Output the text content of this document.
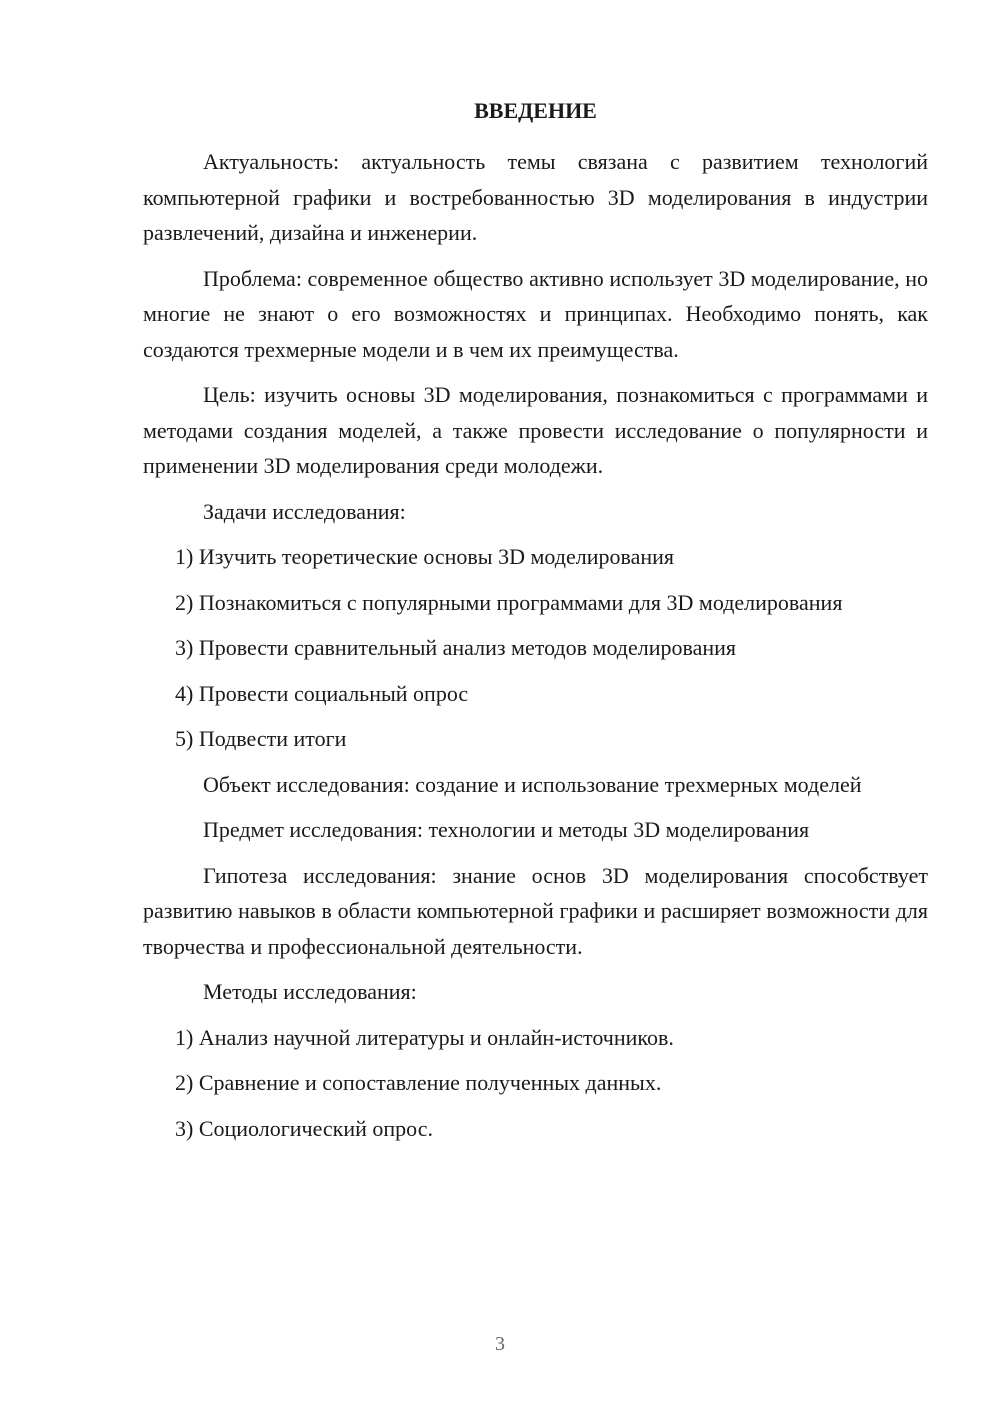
ВВЕДЕНИЕ

Актуальность: актуальность темы связана с развитием технологий компьютерной графики и востребованностью 3D моделирования в индустрии развлечений, дизайна и инженерии.

Проблема: современное общество активно использует 3D моделирование, но многие не знают о его возможностях и принципах. Необходимо понять, как создаются трехмерные модели и в чем их преимущества.

Цель: изучить основы 3D моделирования, познакомиться с программами и методами создания моделей, а также провести исследование о популярности и применении 3D моделирования среди молодежи.

Задачи исследования:

1) Изучить теоретические основы 3D моделирования

2) Познакомиться с популярными программами для 3D моделирования

3) Провести сравнительный анализ методов моделирования

4) Провести социальный опрос

5) Подвести итоги

Объект исследования: создание и использование трехмерных моделей

Предмет исследования: технологии и методы 3D моделирования

Гипотеза исследования: знание основ 3D моделирования способствует развитию навыков в области компьютерной графики и расширяет возможности для творчества и профессиональной деятельности.

Методы исследования:

1) Анализ научной литературы и онлайн-источников.

2) Сравнение и сопоставление полученных данных.

3) Социологический опрос.

3
